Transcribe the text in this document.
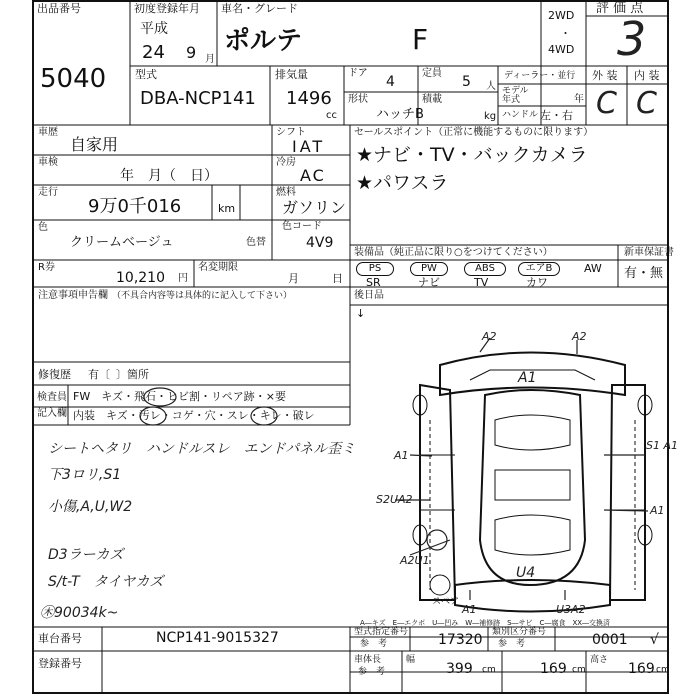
出品番号
5040
初度登録年月
平成
24 9 月
車名・グレード
ポルテ	F
2WD
・
4WD
評 価 点
3
型式
DBA-NCP141
排気量
1496
cc
ドア
4
定員
5 人
形状
ハッチB
積載
kg
ディーラー・並行
モデル
年式	年
ハンドル 左・右
外 装 内 装
C C
車歴
自家用
車検
年　月（　日）
走行
9万0千016	km
色
クリームベージュ	色替
色コード
4V9
R券
10,210 円
名変期限
月	日
シフト
IAT
冷房
AC
燃料
ガソリン
セールスポイント（正常に機能するものに限ります）
★ナビ・TV・バックカメラ
★パワスラ
装備品（純正品に限り○をつけてください）	新車保証書
有・無
PS	PW	ABS	エアB	AW
SR	ナビ	TV	カワ
後日品
↓
注意事項申告欄 （不具合内容等は具体的に記入して下さい）
修復歴 有〔 〕箇所
検査員
記入欄
FW　キズ・飛石・ヒビ割・リペア跡・×要
内装　キズ・汚レ・コゲ・穴・スレ・キレ・破レ
シートヘタリ　ハンドルスレ　エンドパネル歪ミ
下3ロリ,S1
小傷,A,U,W2
D3ラーカズ
S/t-T　タイヤカズ
㊍90034k~
A2	A2
A1
A1
S1 A1
A1
S2UA2
A2U1
U4
A1	U3A2
スペア
A―キズ　E―エクボ　U―凹み　W―補修跡　S―サビ　C―腐食　XX―交換済
車台番号	NCP141-9015327
登録番号
型式指定番号
参　考	17320 類別区分番号
参　考	0001 √
車体長
参　考	399 cm
幅
169 cm
高さ
169 cm
